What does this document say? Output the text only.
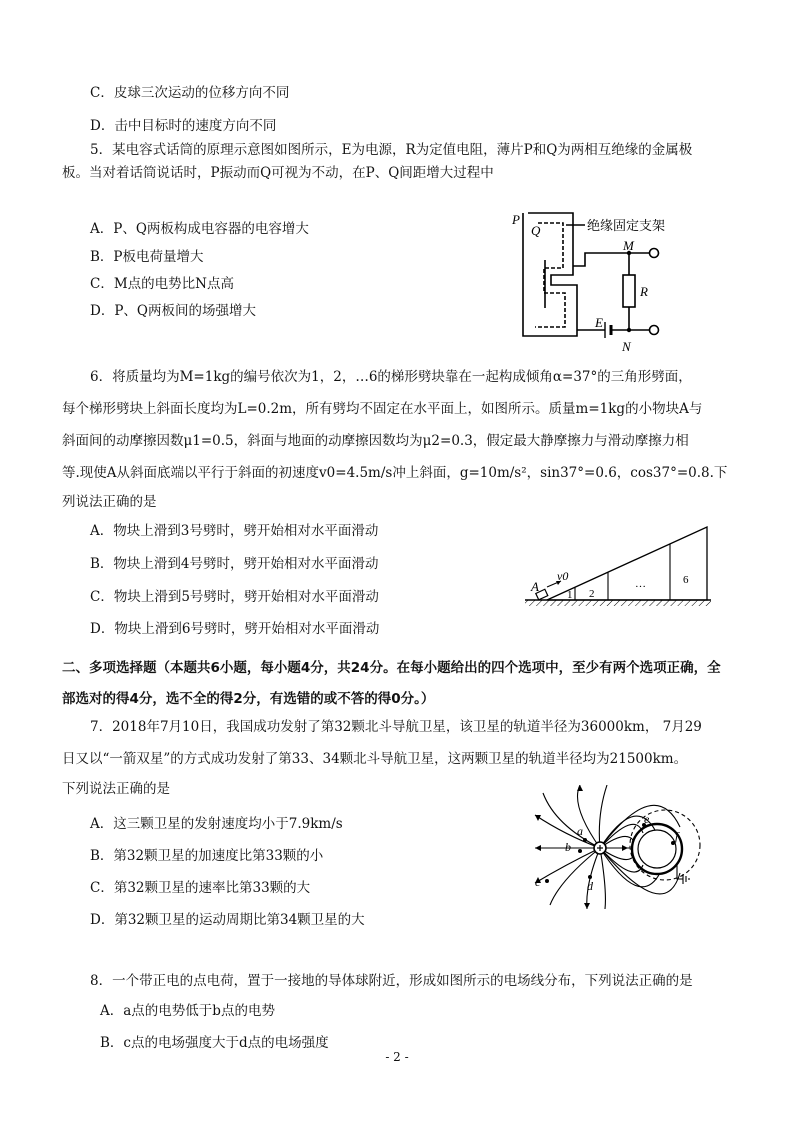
C．皮球三次运动的位移方向不同
D．击中目标时的速度方向不同
5．某电容式话筒的原理示意图如图所示，E为电源，R为定值电阻，薄片P和Q为两相互绝缘的金属极
板。当对着话筒说话时，P振动而Q可视为不动，在P、Q间距增大过程中
A．P、Q两板构成电容器的电容增大
B．P板电荷量增大
C．M点的电势比N点高
D．P、Q两板间的场强增大
P
Q	绝缘固定支架
M
R
E
N
6．将质量均为M=1kg的编号依次为1，2，…6的梯形劈块靠在一起构成倾角α=37°的三角形劈面，
每个梯形劈块上斜面长度均为L=0.2m，所有劈均不固定在水平面上，如图所示。质量m=1kg的小物块A与
斜面间的动摩擦因数μ1=0.5，斜面与地面的动摩擦因数均为μ2=0.3，假定最大静摩擦力与滑动摩擦力相
等.现使A从斜面底端以平行于斜面的初速度v0=4.5m/s冲上斜面，g=10m/s²，sin37°=0.6，cos37°=0.8.下
列说法正确的是
A．物块上滑到3号劈时，劈开始相对水平面滑动
B．物块上滑到4号劈时，劈开始相对水平面滑动
C．物块上滑到5号劈时，劈开始相对水平面滑动
D．物块上滑到6号劈时，劈开始相对水平面滑动
A
v0
1 2
…	6
二、多项选择题（本题共6小题，每小题4分，共24分。在每小题给出的四个选项中，至少有两个选项正确，全
部选对的得4分，选不全的得2分，有选错的或不答的得0分。）
7．2018年7月10日，我国成功发射了第32颗北斗导航卫星，该卫星的轨道半径为36000km， 7月29
日又以“一箭双星”的方式成功发射了第33、34颗北斗导航卫星，这两颗卫星的轨道半径均为21500km。
下列说法正确的是
A．这三颗卫星的发射速度均小于7.9km/s
B．第32颗卫星的加速度比第33颗的小
C．第32颗卫星的速率比第33颗的大
D．第32颗卫星的运动周期比第34颗卫星的大
a
b
c	d
e
f
8．一个带正电的点电荷，置于一接地的导体球附近，形成如图所示的电场线分布，下列说法正确的是
A．a点的电势低于b点的电势
B．c点的电场强度大于d点的电场强度
- 2 -
